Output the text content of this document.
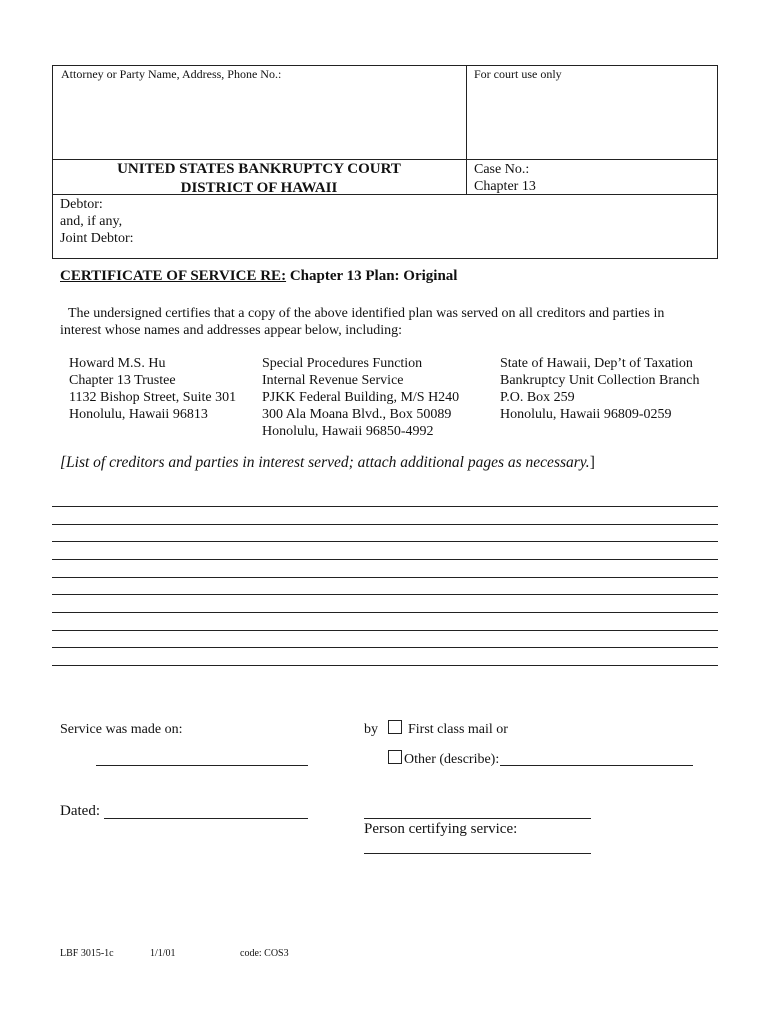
Attorney or Party Name, Address, Phone No.:	For court use only
UNITED STATES BANKRUPTCY COURT
DISTRICT OF HAWAII
Case No.:
Chapter 13
Debtor:
and, if any,
Joint Debtor:
CERTIFICATE OF SERVICE RE: Chapter 13 Plan: Original
The undersigned certifies that a copy of the above identified plan was served on all creditors and parties in
interest whose names and addresses appear below, including:
Howard M.S. Hu
Chapter 13 Trustee
1132 Bishop Street, Suite 301
Honolulu, Hawaii 96813
Special Procedures Function
Internal Revenue Service
PJKK Federal Building, M/S H240
300 Ala Moana Blvd., Box 50089
Honolulu, Hawaii 96850-4992
State of Hawaii, Dep’t of Taxation
Bankruptcy Unit Collection Branch
P.O. Box 259
Honolulu, Hawaii 96809-0259
[List of creditors and parties in interest served; attach additional pages as necessary.]
Service was made on:	by First class mail or
Other (describe):
Dated:
Person certifying service:
LBF 3015-1c	1/1/01	code: COS3
